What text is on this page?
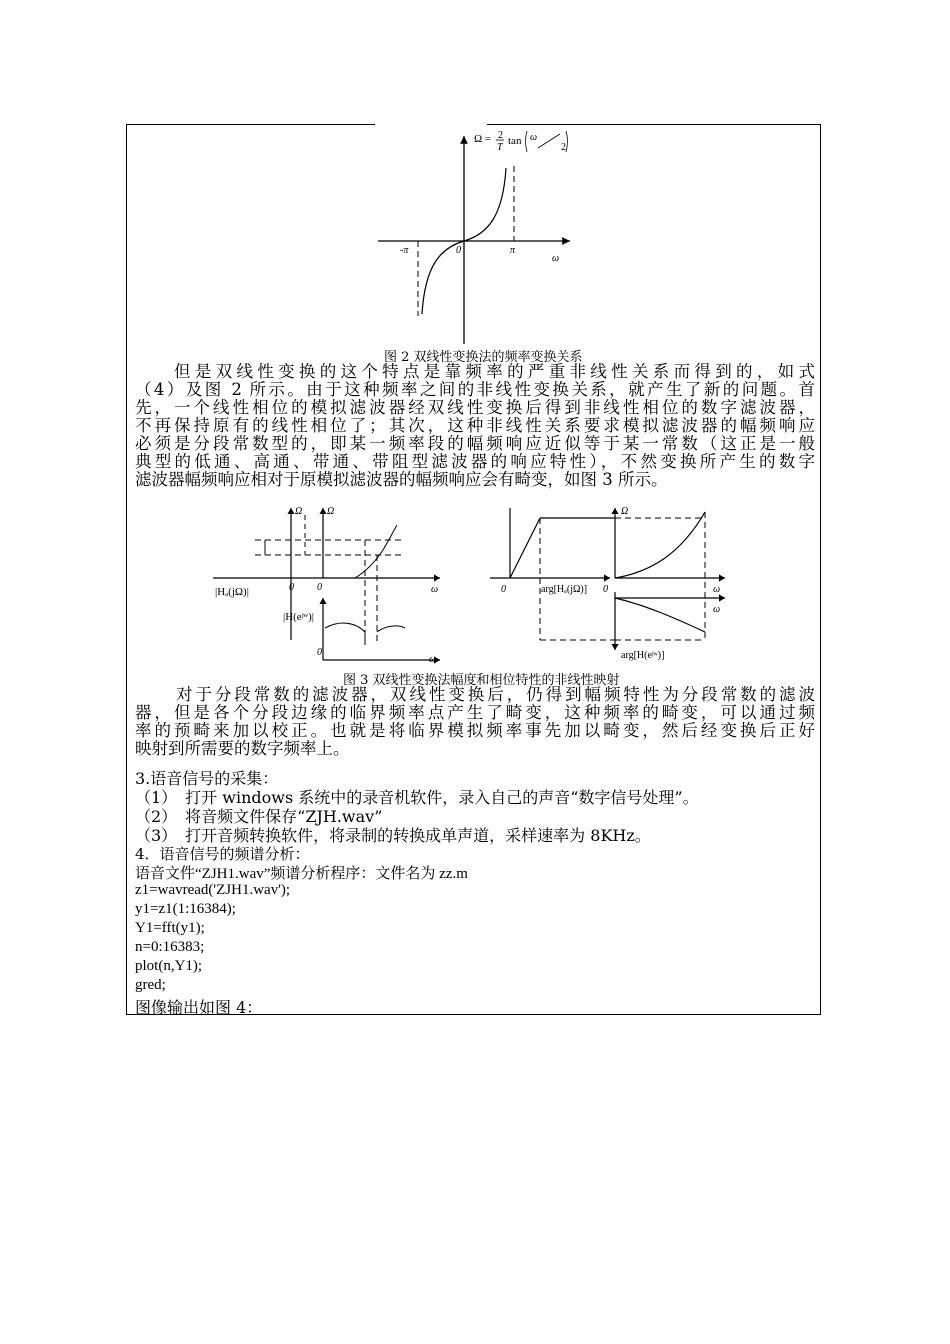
Ω = 2
T
tan ω
2
-π	0	π
ω
图 2 双线性变换法的频率变换关系
但是双线性变换的这个特点是靠频率的严重非线性关系而得到的，如式
（4）及图 2 所示。由于这种频率之间的非线性变换关系，就产生了新的问题。首
先，一个线性相位的模拟滤波器经双线性变换后得到非线性相位的数字滤波器，
不再保持原有的线性相位了；其次，这种非线性关系要求模拟滤波器的幅频响应
必须是分段常数型的，即某一频率段的幅频响应近似等于某一常数（这正是一般
典型的低通、高通、带通、带阻型滤波器的响应特性），不然变换所产生的数字
滤波器幅频响应相对于原模拟滤波器的幅频响应会有畸变，如图 3 所示。
|Hₐ(jΩ)|	0 0	ω
Ω Ω
|H(eʲʷ)|
0
ω
Ω
0	0
arg[Hₐ(jΩ)]	ω
ω
arg[H(eʲʷ)]
图 3 双线性变换法幅度和相位特性的非线性映射
对于分段常数的滤波器，双线性变换后，仍得到幅频特性为分段常数的滤波
器，但是各个分段边缘的临界频率点产生了畸变，这种频率的畸变，可以通过频
率的预畸来加以校正。也就是将临界模拟频率事先加以畸变，然后经变换后正好
映射到所需要的数字频率上。
3.语音信号的采集：
（1）　打开 windows 系统中的录音机软件，录入自己的声音“数字信号处理”。
（2）　将音频文件保存“ZJH.wav”
（3）　打开音频转换软件，将录制的转换成单声道，采样速率为 8KHz。
4．语音信号的频谱分析：
语音文件“ZJH1.wav”频谱分析程序：文件名为 zz.m
z1=wavread('ZJH1.wav');
y1=z1(1:16384);
Y1=fft(y1);
n=0:16383;
plot(n,Y1);
gred;
图像输出如图 4：
